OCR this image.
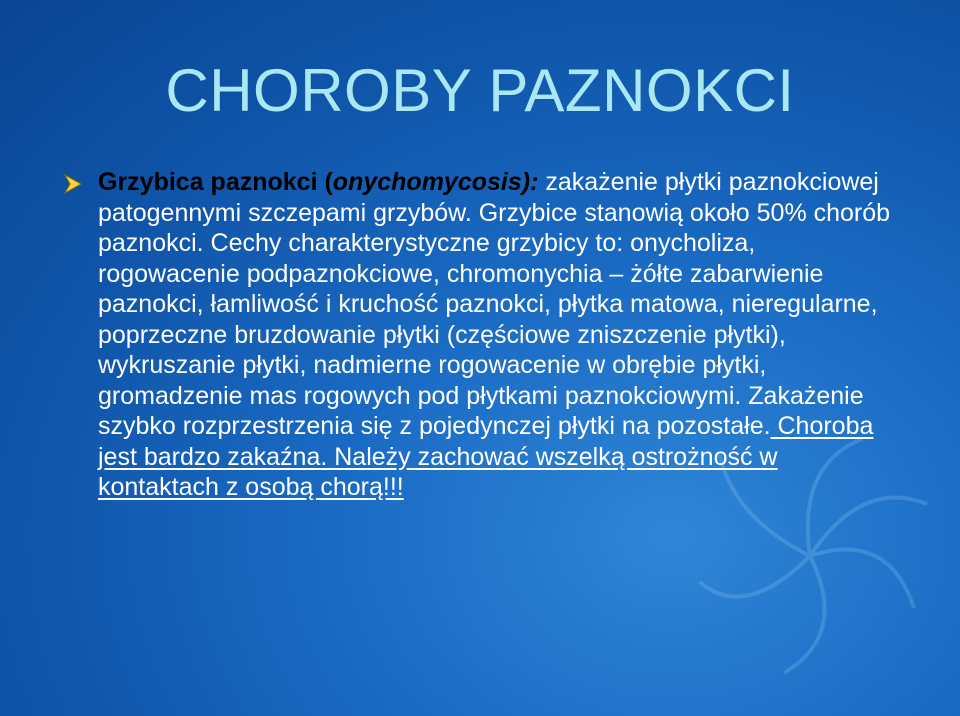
CHOROBY PAZNOKCI
Grzybica paznokci (onychomycosis): zakażenie płytki paznokciowej patogennymi szczepami grzybów. Grzybice stanowią około 50% chorób paznokci. Cechy charakterystyczne grzybicy to: onycholiza, rogowacenie podpaznokciowe, chromonychia – żółte zabarwienie paznokci, łamliwość i kruchość paznokci, płytka matowa, nieregularne, poprzeczne bruzdowanie płytki (częściowe zniszczenie płytki), wykruszanie płytki, nadmierne rogowacenie w obrębie płytki, gromadzenie mas rogowych pod płytkami paznokciowymi. Zakażenie szybko rozprzestrzenia się z pojedynczej płytki na pozostałe. Choroba jest bardzo zakaźna. Należy zachować wszelką ostrożność w kontaktach z osobą chorą!!!
